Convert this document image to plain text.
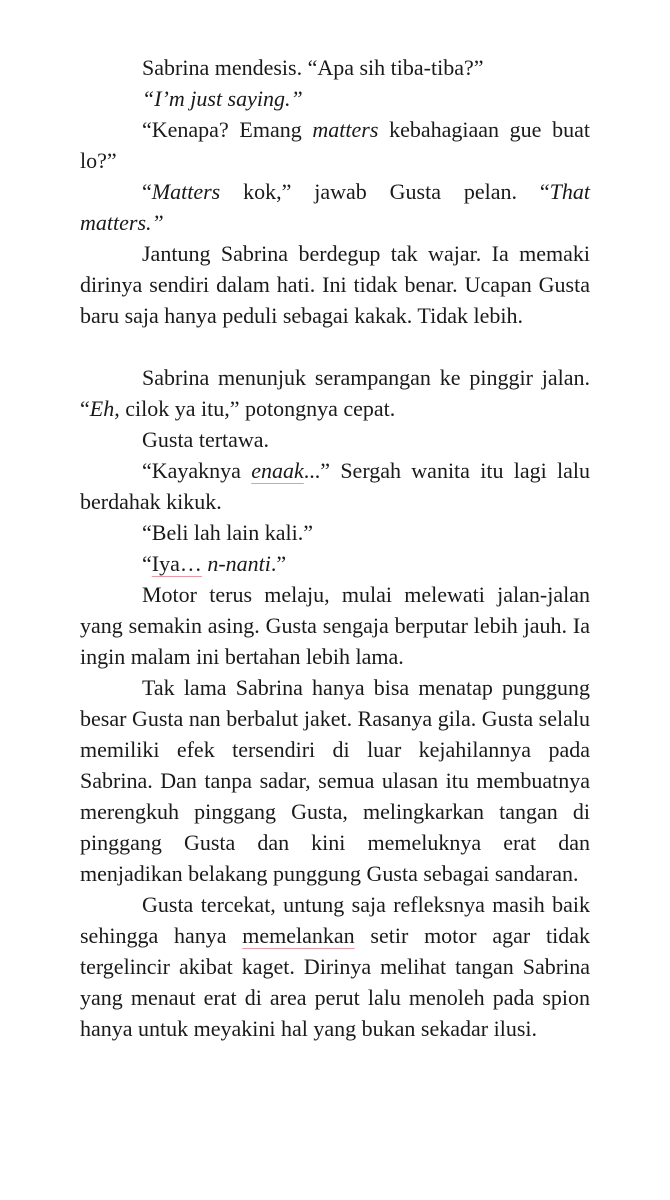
Sabrina mendesis. “Apa sih tiba-tiba?”

“I’m just saying.”

“Kenapa? Emang matters kebahagiaan gue buat lo?”

“Matters kok,” jawab Gusta pelan. “That matters.”

Jantung Sabrina berdegup tak wajar. Ia memaki dirinya sendiri dalam hati. Ini tidak benar. Ucapan Gusta baru saja hanya peduli sebagai kakak. Tidak lebih.

Sabrina menunjuk serampangan ke pinggir jalan. “Eh, cilok ya itu,” potongnya cepat.

Gusta tertawa.

“Kayaknya enaak...” Sergah wanita itu lagi lalu berdahak kikuk.

“Beli lah lain kali.”

“Iya… n-nanti.”

Motor terus melaju, mulai melewati jalan-jalan yang semakin asing. Gusta sengaja berputar lebih jauh. Ia ingin malam ini bertahan lebih lama.

Tak lama Sabrina hanya bisa menatap punggung besar Gusta nan berbalut jaket. Rasanya gila. Gusta selalu memiliki efek tersendiri di luar kejahilannya pada Sabrina. Dan tanpa sadar, semua ulasan itu membuatnya merengkuh pinggang Gusta, melingkarkan tangan di pinggang Gusta dan kini memeluknya erat dan menjadikan belakang punggung Gusta sebagai sandaran.

Gusta tercekat, untung saja refleksnya masih baik sehingga hanya memelankan setir motor agar tidak tergelincir akibat kaget. Dirinya melihat tangan Sabrina yang menaut erat di area perut lalu menoleh pada spion hanya untuk meyakini hal yang bukan sekadar ilusi.
